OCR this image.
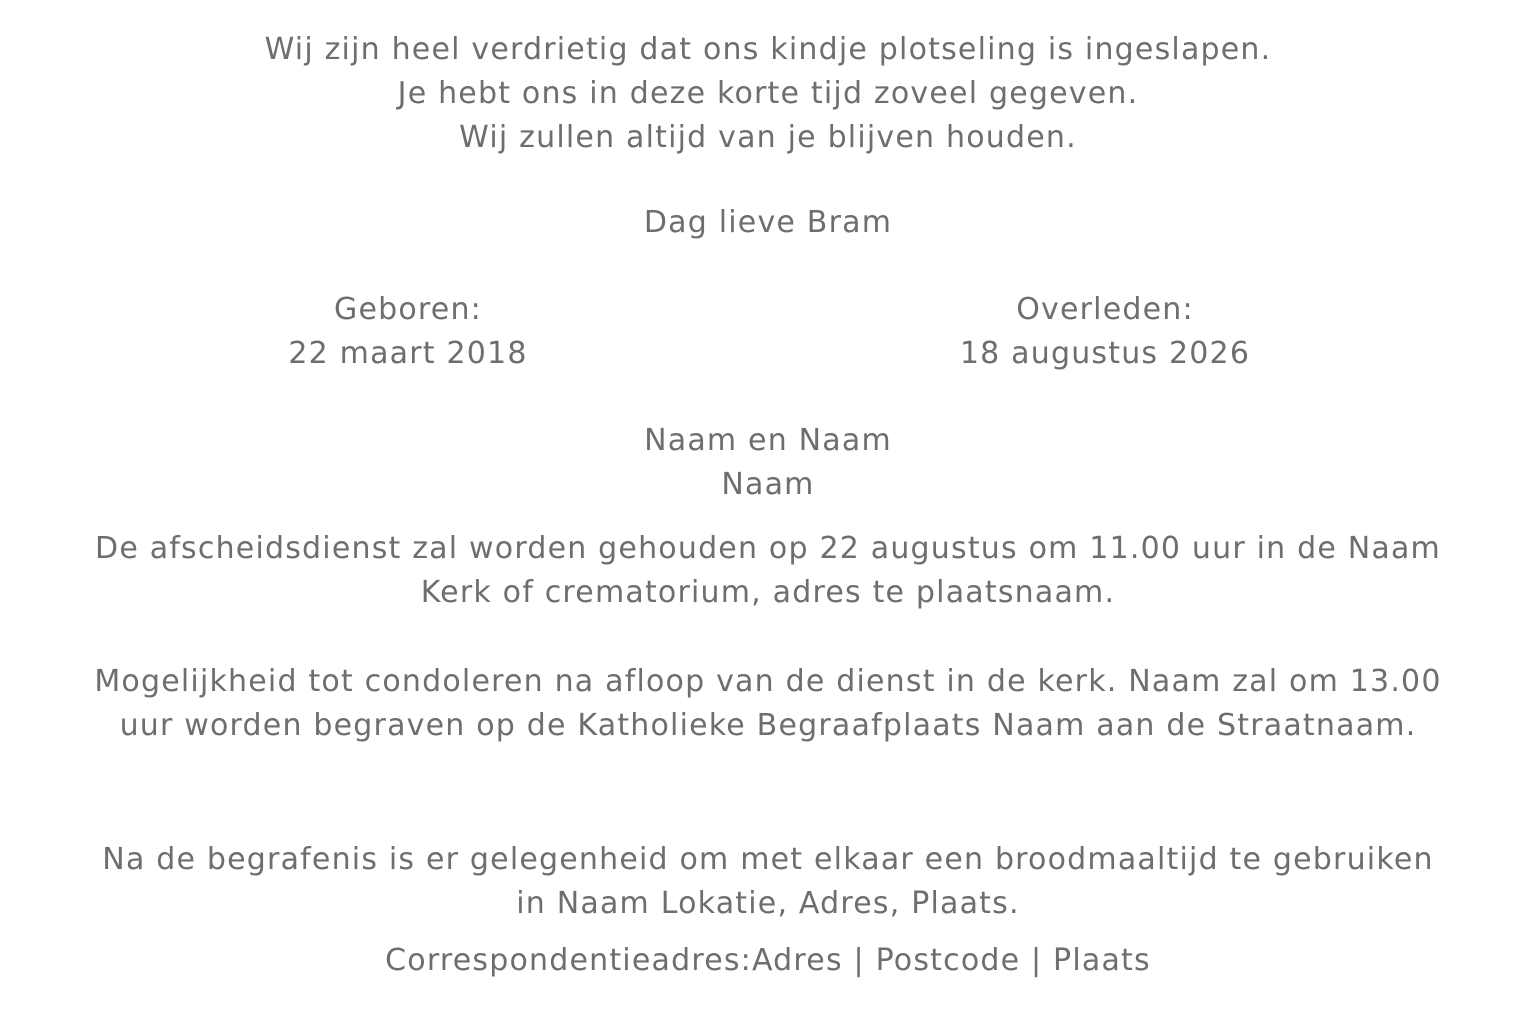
Wij zijn heel verdrietig dat ons kindje plotseling is ingeslapen.
Je hebt ons in deze korte tijd zoveel gegeven.
Wij zullen altijd van je blijven houden.
Dag lieve Bram
Geboren:
22 maart 2018
Overleden:
18 augustus 2026
Naam en Naam
Naam
De afscheidsdienst zal worden gehouden op 22 augustus om 11.00 uur in de Naam Kerk of crematorium, adres te plaatsnaam.
Mogelijkheid tot condoleren na afloop van de dienst in de kerk. Naam zal om 13.00 uur worden begraven op de Katholieke Begraafplaats Naam aan de Straatnaam.
Na de begrafenis is er gelegenheid om met elkaar een broodmaaltijd te gebruiken in Naam Lokatie, Adres, Plaats.
Correspondentieadres:Adres | Postcode | Plaats
